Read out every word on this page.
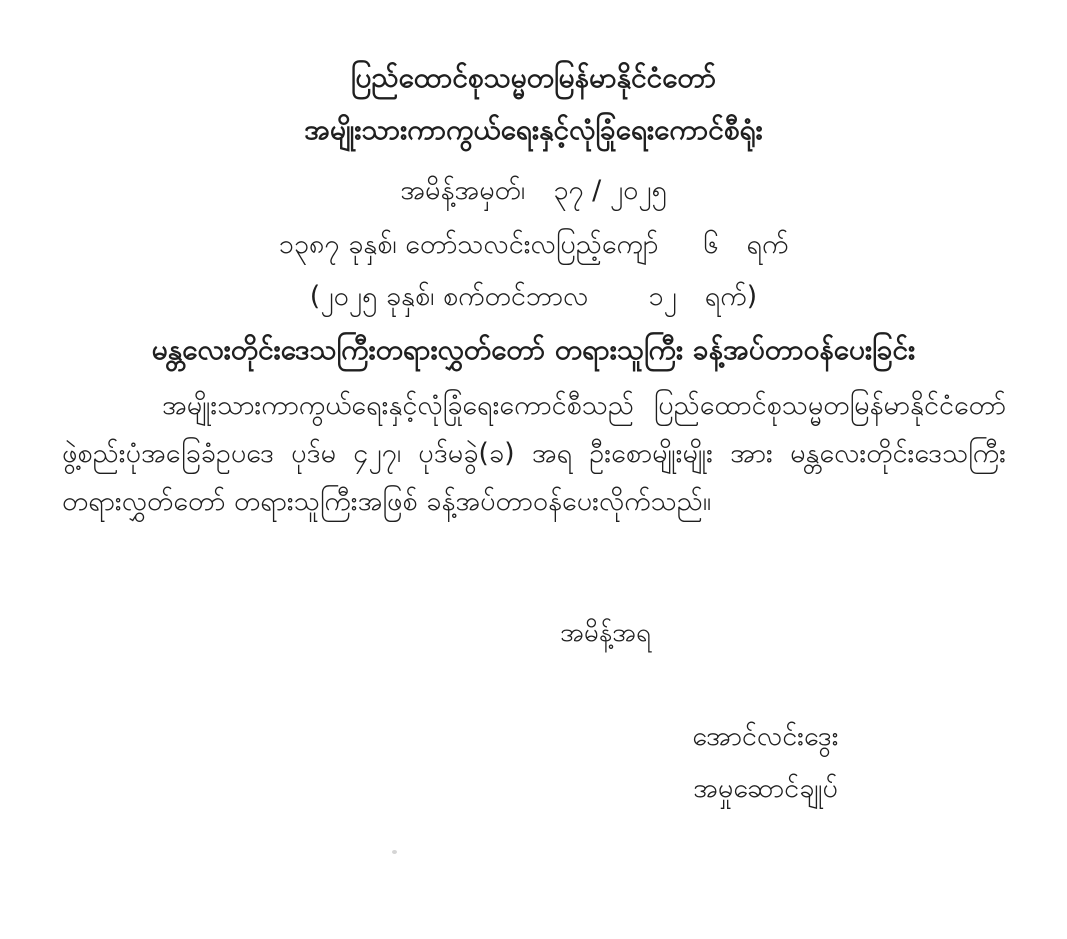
ပြည်ထောင်စုသမ္မတမြန်မာနိုင်ငံတော်
အမျိုးသားကာကွယ်ရေးနှင့်လုံခြုံရေးကောင်စီရုံး
အမိန့်အမှတ်၊ ၃၇ / ၂၀၂၅
၁၃၈၇ ခုနှစ်၊ တော်သလင်းလပြည့်ကျော် ၆ ရက်
(၂၀၂၅ ခုနှစ်၊ စက်တင်ဘာလ ၁၂ ရက်)
မန္တလေးတိုင်းဒေသကြီးတရားလွှတ်တော် တရားသူကြီး ခန့်အပ်တာဝန်ပေးခြင်း

အမျိုးသားကာကွယ်ရေးနှင့်လုံခြုံရေးကောင်စီသည် ပြည်ထောင်စုသမ္မတမြန်မာနိုင်ငံတော် ဖွဲ့စည်းပုံအခြေခံဥပဒေ ပုဒ်မ ၄၂၇၊ ပုဒ်မခွဲ(ခ) အရ ဦးစောမျိုးမျိုး အား မန္တလေးတိုင်းဒေသကြီး တရားလွှတ်တော် တရားသူကြီးအဖြစ် ခန့်အပ်တာဝန်ပေးလိုက်သည်။

အမိန့်အရ
အောင်လင်းဒွေး
အမှုဆောင်ချုပ်
